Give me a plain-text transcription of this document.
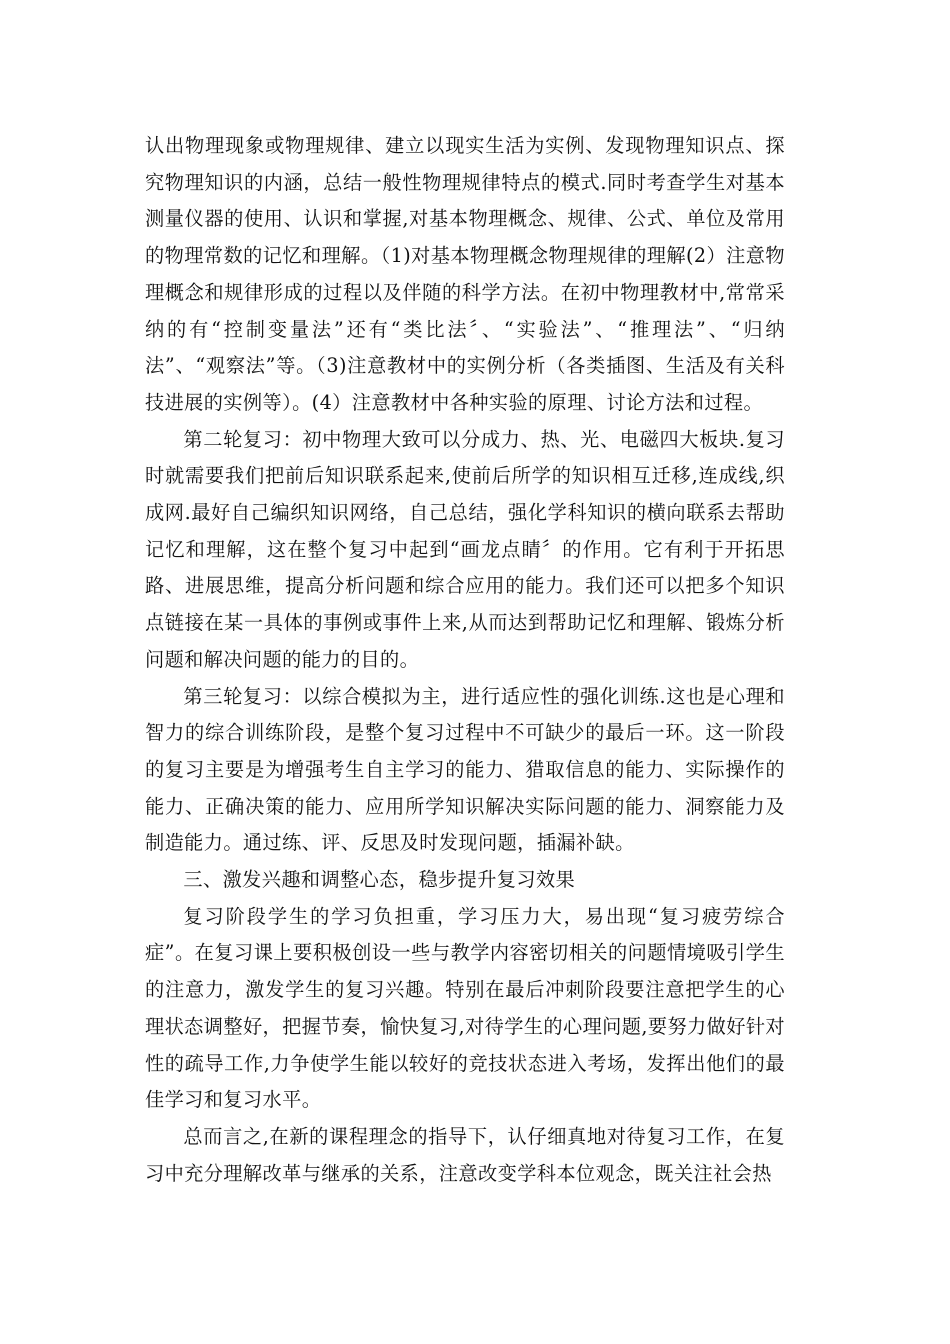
认出物理现象或物理规律、建立以现实生活为实例、发现物理知识点、探究物理知识的内涵，总结一般性物理规律特点的模式.同时考查学生对基本测量仪器的使用、认识和掌握,对基本物理概念、规律、公式、单位及常用的物理常数的记忆和理解。（1)对基本物理概念物理规律的理解(2）注意物理概念和规律形成的过程以及伴随的科学方法。在初中物理教材中,常常采纳的有“控制变量法”还有“类比法〞、“实验法”、“推理法”、“归纳法”、“观察法”等。（3)注意教材中的实例分析（各类插图、生活及有关科技进展的实例等）。(4）注意教材中各种实验的原理、讨论方法和过程。

第二轮复习：初中物理大致可以分成力、热、光、电磁四大板块.复习时就需要我们把前后知识联系起来,使前后所学的知识相互迁移,连成线,织成网.最好自己编织知识网络，自己总结，强化学科知识的横向联系去帮助记忆和理解，这在整个复习中起到“画龙点睛〞的作用。它有利于开拓思路、进展思维，提高分析问题和综合应用的能力。我们还可以把多个知识点链接在某一具体的事例或事件上来,从而达到帮助记忆和理解、锻炼分析问题和解决问题的能力的目的。

第三轮复习：以综合模拟为主，进行适应性的强化训练.这也是心理和智力的综合训练阶段，是整个复习过程中不可缺少的最后一环。这一阶段的复习主要是为增强考生自主学习的能力、猎取信息的能力、实际操作的能力、正确决策的能力、应用所学知识解决实际问题的能力、洞察能力及制造能力。通过练、评、反思及时发现问题，插漏补缺。

三、激发兴趣和调整心态，稳步提升复习效果

复习阶段学生的学习负担重，学习压力大，易出现“复习疲劳综合症”。在复习课上要积极创设一些与教学内容密切相关的问题情境吸引学生的注意力，激发学生的复习兴趣。特别在最后冲刺阶段要注意把学生的心理状态调整好，把握节奏，愉快复习,对待学生的心理问题,要努力做好针对性的疏导工作,力争使学生能以较好的竞技状态进入考场，发挥出他们的最佳学习和复习水平。

总而言之,在新的课程理念的指导下，认仔细真地对待复习工作，在复习中充分理解改革与继承的关系，注意改变学科本位观念，既关注社会热
